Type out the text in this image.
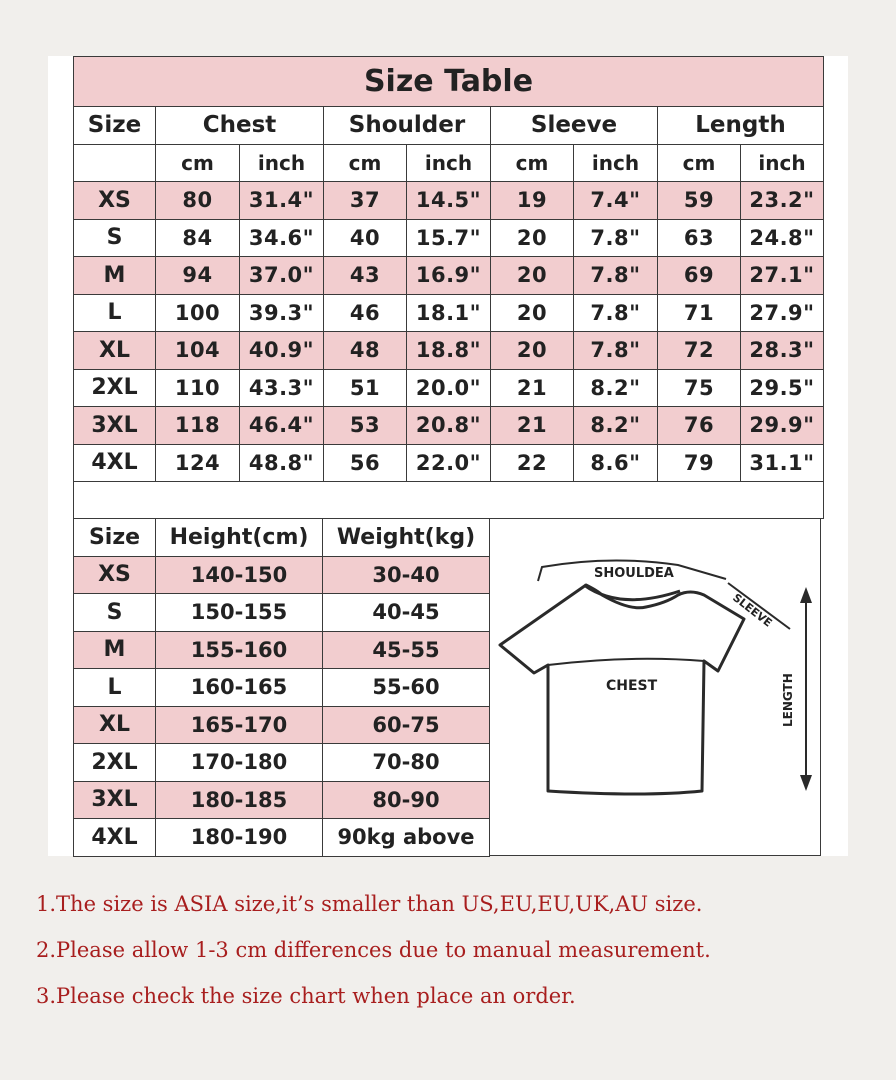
Size Table								
Size	Chest		Shoulder		Sleeve		Length	
	cm	inch	cm	inch	cm	inch	cm	inch
XS	80	31.4"	37	14.5"	19	7.4"	59	23.2"
S	84	34.6"	40	15.7"	20	7.8"	63	24.8"
M	94	37.0"	43	16.9"	20	7.8"	69	27.1"
L	100	39.3"	46	18.1"	20	7.8"	71	27.9"
XL	104	40.9"	48	18.8"	20	7.8"	72	28.3"
2XL	110	43.3"	51	20.0"	21	8.2"	75	29.5"
3XL	118	46.4"	53	20.8"	21	8.2"	76	29.9"
4XL	124	48.8"	56	22.0"	22	8.6"	79	31.1"

Size	Height(cm)	Weight(kg)
XS	140-150	30-40
S	150-155	40-45
M	155-160	45-55
L	160-165	55-60
XL	165-170	60-75
2XL	170-180	70-80
3XL	180-185	80-90
4XL	180-190	90kg above
SHOULDEA
SLEEVE
CHEST	LENGTH
1.The size is ASIA size,it’s smaller than US,EU,EU,UK,AU size.
2.Please allow 1-3 cm differences due to manual measurement.
3.Please check the size chart when place an order.
